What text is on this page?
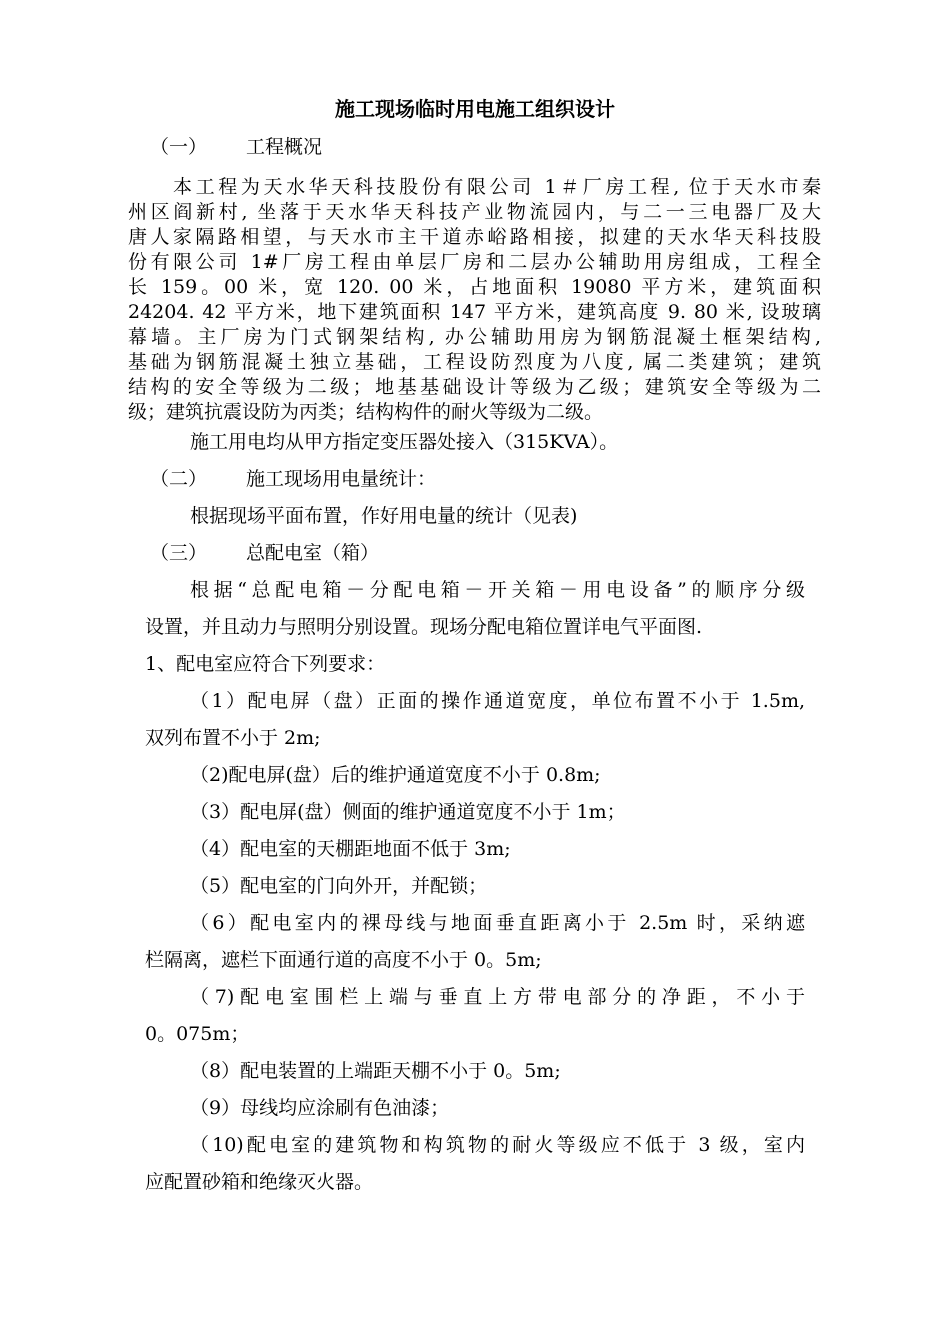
施工现场临时用电施工组织设计
（一） 工程概况
本工程为天水华天科技股份有限公司 1＃厂房工程, 位于天水市秦
州区阎新村, 坐落于天水华天科技产业物流园内，与二一三电器厂及大
唐人家隔路相望，与天水市主干道赤峪路相接，拟建的天水华天科技股
份有限公司 1#厂房工程由单层厂房和二层办公辅助用房组成，工程全
长 159。00 米，宽 120. 00 米，占地面积 19080 平方米，建筑面积
24204. 42 平方米，地下建筑面积 147 平方米，建筑高度 9. 80 米, 设玻璃
幕墙。主厂房为门式钢架结构, 办公辅助用房为钢筋混凝土框架结构,
基础为钢筋混凝土独立基础，工程设防烈度为八度, 属二类建筑；建筑
结构的安全等级为二级；地基基础设计等级为乙级；建筑安全等级为二
级；建筑抗震设防为丙类；结构构件的耐火等级为二级。
施工用电均从甲方指定变压器处接入（315KVA）。
（二） 施工现场用电量统计：
根据现场平面布置，作好用电量的统计（见表)
（三） 总配电室（箱）
根据“总配电箱－分配电箱－开关箱－用电设备”的顺序分级
设置，并且动力与照明分别设置。现场分配电箱位置详电气平面图.
1、配电室应符合下列要求：
（1）配电屏（盘）正面的操作通道宽度，单位布置不小于 1.5m,
双列布置不小于 2m;
（2)配电屏(盘）后的维护通道宽度不小于 0.8m;
（3）配电屏(盘）侧面的维护通道宽度不小于 1m；
（4）配电室的天棚距地面不低于 3m;
（5）配电室的门向外开，并配锁；
（6）配电室内的裸母线与地面垂直距离小于 2.5m 时，采纳遮
栏隔离，遮栏下面通行道的高度不小于 0。5m;
（7)配电室围栏上端与垂直上方带电部分的净距，不小于
0。075m；
（8）配电装置的上端距天棚不小于 0。5m;
（9）母线均应涂刷有色油漆；
（10)配电室的建筑物和构筑物的耐火等级应不低于 3 级，室内
应配置砂箱和绝缘灭火器。
